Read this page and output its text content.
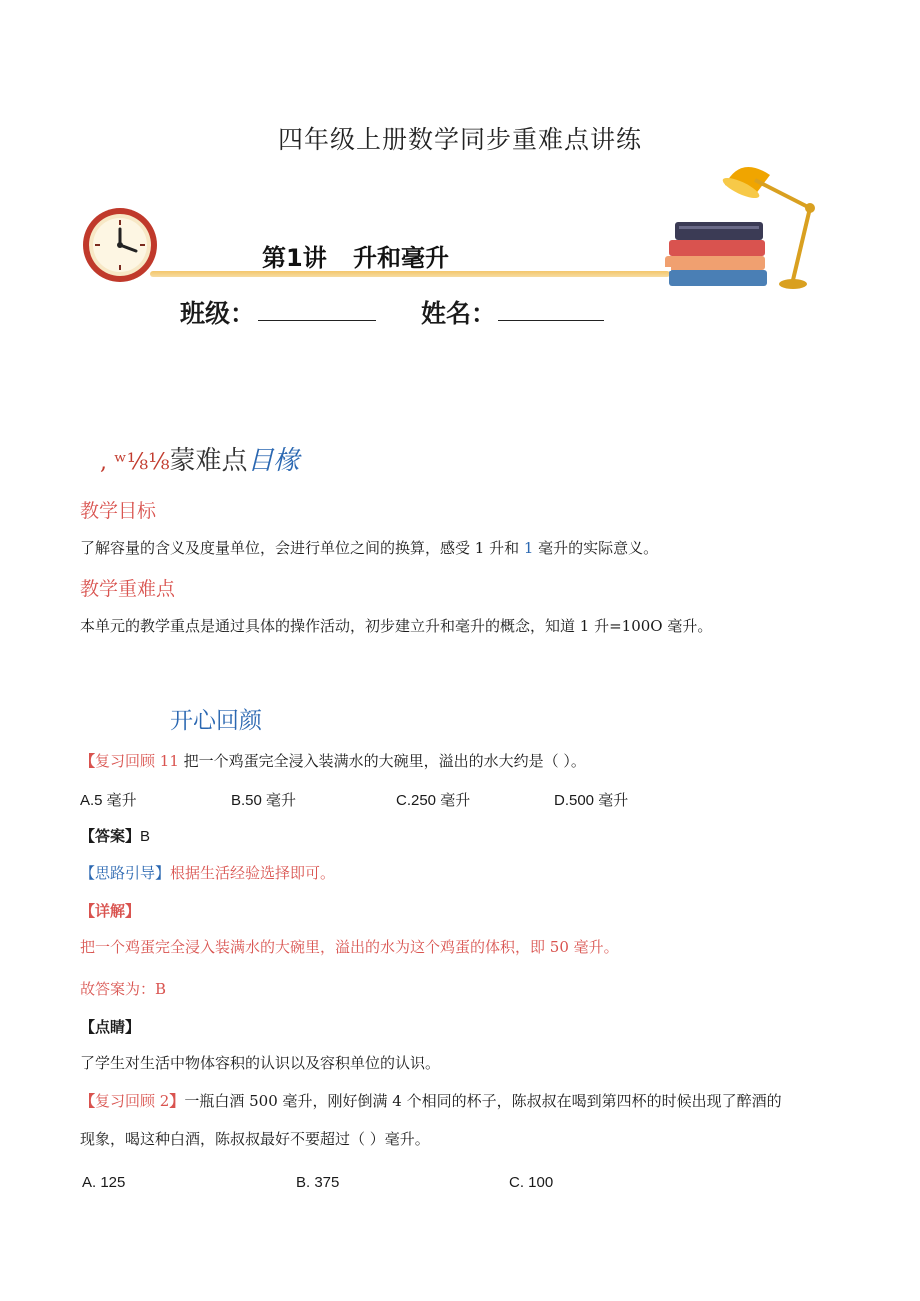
四年级上册数学同步重难点讲练
第1讲 升和毫升
班级：	姓名：
, ʷ⅛⅛蒙难点目椽
教学目标
了解容量的含义及度量单位，会进行单位之间的换算，感受 1 升和 1 毫升的实际意义。
教学重难点
本单元的教学重点是通过具体的操作活动，初步建立升和毫升的概念，知道 1 升=100O 毫升。
开心回颜
【复习回顾 11 把一个鸡蛋完全浸入装满水的大碗里，溢出的水大约是（ ）。
A.5 毫升	B.50 毫升	C.250 毫升	D.500 毫升
【答案】B
【思路引导】根据生活经验选择即可。
【详解】
把一个鸡蛋完全浸入装满水的大碗里，溢出的水为这个鸡蛋的体积，即 50 毫升。
故答案为：B
【点睛】
了学生对生活中物体容积的认识以及容积单位的认识。
【复习回顾 2】一瓶白酒 500 毫升，刚好倒满 4 个相同的杯子，陈叔叔在喝到第四杯的时候出现了醉酒的
现象，喝这种白酒，陈叔叔最好不要超过（ ）毫升。
A. 125	B. 375	C. 100
